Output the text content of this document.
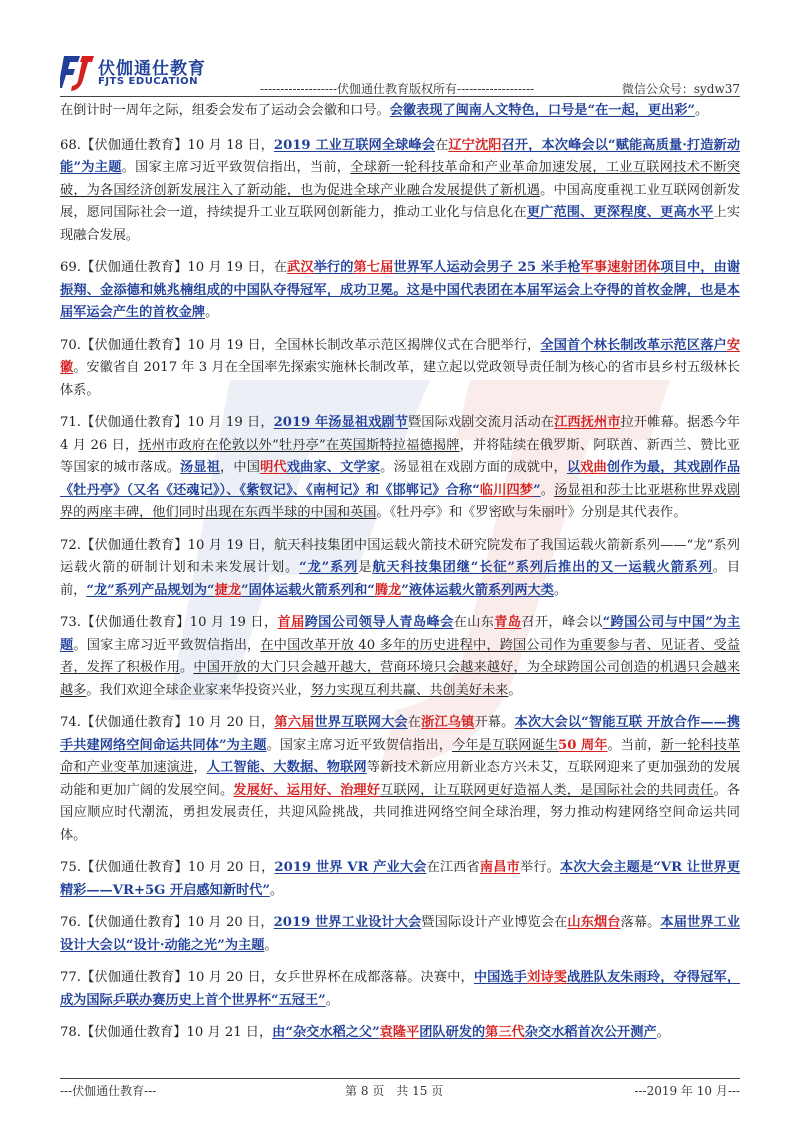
伏伽通仕教育
FJTS EDUCATION
-------------------伏伽通仕教育版权所有-------------------	微信公众号：sydw37

在倒计时一周年之际，组委会发布了运动会会徽和口号。会徽表现了闽南人文特色，口号是“在一起，更出彩”。

68.【伏伽通仕教育】10 月 18 日，2019 工业互联网全球峰会在辽宁沈阳召开，本次峰会以“赋能高质量·打造新动能”为主题。国家主席习近平致贺信指出，当前，全球新一轮科技革命和产业革命加速发展，工业互联网技术不断突破，为各国经济创新发展注入了新动能，也为促进全球产业融合发展提供了新机遇。中国高度重视工业互联网创新发展，愿同国际社会一道，持续提升工业互联网创新能力，推动工业化与信息化在更广范围、更深程度、更高水平上实现融合发展。

69.【伏伽通仕教育】10 月 19 日，在武汉举行的第七届世界军人运动会男子 25 米手枪军事速射团体项目中，由谢振翔、金添德和姚兆楠组成的中国队夺得冠军，成功卫冕。这是中国代表团在本届军运会上夺得的首枚金牌，也是本届军运会产生的首枚金牌。

70.【伏伽通仕教育】10 月 19 日，全国林长制改革示范区揭牌仪式在合肥举行，全国首个林长制改革示范区落户安徽。安徽省自 2017 年 3 月在全国率先探索实施林长制改革，建立起以党政领导责任制为核心的省市县乡村五级林长体系。

71.【伏伽通仕教育】10 月 19 日，2019 年汤显祖戏剧节暨国际戏剧交流月活动在江西抚州市拉开帷幕。据悉今年 4 月 26 日，抚州市政府在伦敦以外“牡丹亭”在英国斯特拉福德揭牌，并将陆续在俄罗斯、阿联酋、新西兰、赞比亚等国家的城市落成。汤显祖，中国明代戏曲家、文学家。汤显祖在戏剧方面的成就中，以戏曲创作为最，其戏剧作品《牡丹亭》（又名《还魂记》）、《紫钗记》、《南柯记》和《邯郸记》合称“临川四梦”。汤显祖和莎士比亚堪称世界戏剧界的两座丰碑，他们同时出现在东西半球的中国和英国。《牡丹亭》和《罗密欧与朱丽叶》分别是其代表作。

72.【伏伽通仕教育】10 月 19 日，航天科技集团中国运载火箭技术研究院发布了我国运载火箭新系列——“龙”系列运载火箭的研制计划和未来发展计划。“龙”系列是航天科技集团继“长征”系列后推出的又一运载火箭系列。目前，“龙”系列产品规划为“捷龙”固体运载火箭系列和“腾龙”液体运载火箭系列两大类。

73.【伏伽通仕教育】10 月 19 日，首届跨国公司领导人青岛峰会在山东青岛召开，峰会以“跨国公司与中国”为主题。国家主席习近平致贺信指出，在中国改革开放 40 多年的历史进程中，跨国公司作为重要参与者、见证者、受益者，发挥了积极作用。中国开放的大门只会越开越大，营商环境只会越来越好，为全球跨国公司创造的机遇只会越来越多。我们欢迎全球企业家来华投资兴业，努力实现互利共赢、共创美好未来。

74.【伏伽通仕教育】10 月 20 日，第六届世界互联网大会在浙江乌镇开幕。本次大会以“智能互联 开放合作——携手共建网络空间命运共同体”为主题。国家主席习近平致贺信指出，今年是互联网诞生50 周年。当前，新一轮科技革命和产业变革加速演进，人工智能、大数据、物联网等新技术新应用新业态方兴未艾，互联网迎来了更加强劲的发展动能和更加广阔的发展空间。发展好、运用好、治理好互联网，让互联网更好造福人类，是国际社会的共同责任。各国应顺应时代潮流，勇担发展责任，共迎风险挑战，共同推进网络空间全球治理，努力推动构建网络空间命运共同体。

75.【伏伽通仕教育】10 月 20 日，2019 世界 VR 产业大会在江西省南昌市举行。本次大会主题是“VR 让世界更精彩——VR+5G 开启感知新时代”。

76.【伏伽通仕教育】10 月 20 日，2019 世界工业设计大会暨国际设计产业博览会在山东烟台落幕。本届世界工业设计大会以“设计·动能之光”为主题。

77.【伏伽通仕教育】10 月 20 日，女乒世界杯在成都落幕。决赛中，中国选手刘诗雯战胜队友朱雨玲，夺得冠军，成为国际乒联办赛历史上首个世界杯“五冠王”。

78.【伏伽通仕教育】10 月 21 日，由“杂交水稻之父”袁隆平团队研发的第三代杂交水稻首次公开测产。

---伏伽通仕教育---	第 8 页　共 15 页	---2019 年 10 月---
